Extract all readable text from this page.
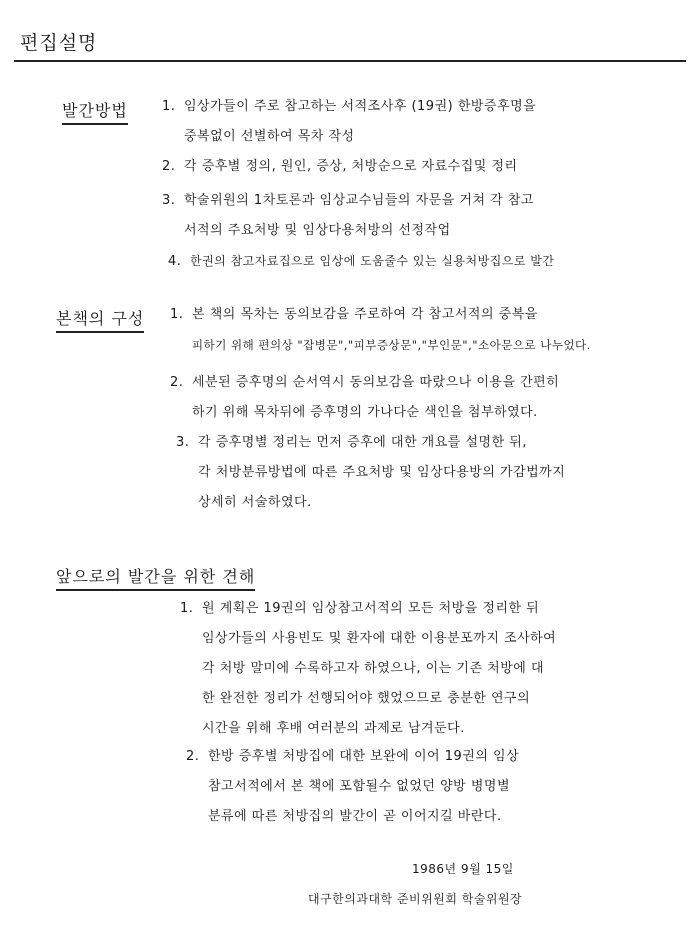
편집설명
발간방법	1. 임상가들이 주로 참고하는 서적조사후 (19권) 한방증후명을
중복없이 선별하여 목차 작성
2. 각 증후별 정의, 원인, 증상, 처방순으로 자료수집및 정리
3. 학술위원의 1차토론과 임상교수님들의 자문을 거쳐 각 참고
서적의 주요처방 및 임상다용처방의 선정작업
4. 한권의 참고자료집으로 임상에 도움줄수 있는 실용처방집으로 발간
본책의 구성 1. 본 책의 목차는 동의보감을 주로하여 각 참고서적의 중복을
피하기 위해 편의상 "잡병문","피부증상문","부인문","소아문으로 나누었다.
2. 세분된 증후명의 순서역시 동의보감을 따랐으나 이용을 간편히
하기 위해 목차뒤에 증후명의 가나다순 색인을 첨부하였다.
3. 각 증후명별 정리는 먼저 증후에 대한 개요를 설명한 뒤,
각 처방분류방법에 따른 주요처방 및 임상다용방의 가감법까지
상세히 서술하였다.
앞으로의 발간을 위한 견해
1. 원 계획은 19권의 임상참고서적의 모든 처방을 정리한 뒤
임상가들의 사용빈도 및 환자에 대한 이용분포까지 조사하여
각 처방 말미에 수록하고자 하였으나, 이는 기존 처방에 대
한 완전한 정리가 선행되어야 했었으므로 충분한 연구의
시간을 위해 후배 여러분의 과제로 남겨둔다.
2. 한방 증후별 처방집에 대한 보완에 이어 19권의 임상
참고서적에서 본 책에 포함될수 없었던 양방 병명별
분류에 따른 처방집의 발간이 곧 이어지길 바란다.
1986년 9월 15일
대구한의과대학 준비위원회 학술위원장
